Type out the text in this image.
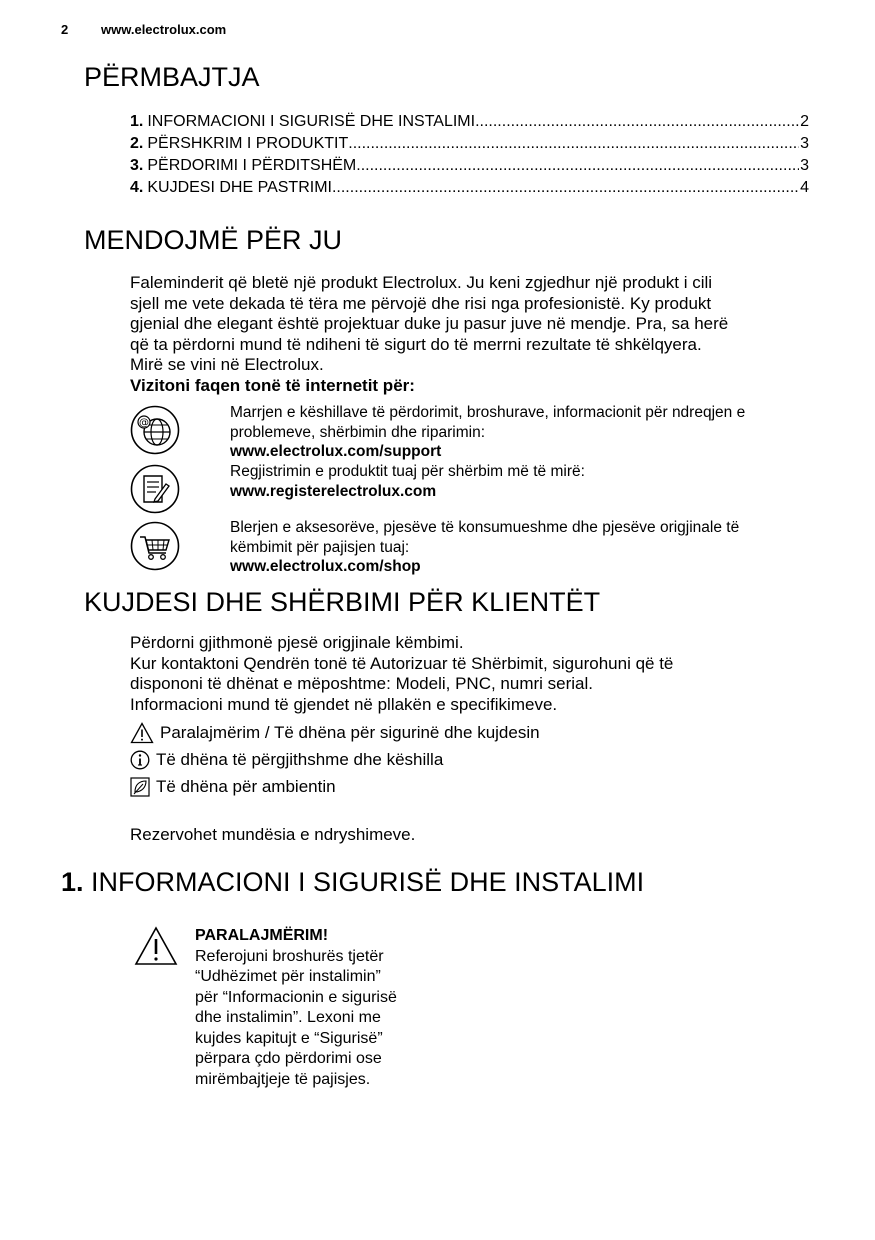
2	www.electrolux.com
PËRMBAJTJA
1. INFORMACIONI I SIGURISË DHE INSTALIMI .....	2
2. PËRSHKRIM I PRODUKTIT .....	3
3. PËRDORIMI I PËRDITSHËM .....	3
4. KUJDESI DHE PASTRIMI .....	4
MENDOJMË PËR JU

Faleminderit që bletë një produkt Electrolux. Ju keni zgjedhur një produkt i cili

sjell me vete dekada të tëra me përvojë dhe risi nga profesionistë. Ky produkt

gjenial dhe elegant është projektuar duke ju pasur juve në mendje. Pra, sa herë

që ta përdorni mund të ndiheni të sigurt do të merrni rezultate të shkëlqyera.

Mirë se vini në Electrolux.

Vizitoni faqen tonë të internetit për:

@

Marrjen e këshillave të përdorimit, broshurave, informacionit për ndreqjen e

problemeve, shërbimin dhe riparimin:

www.electrolux.com/support

Regjistrimin e produktit tuaj për shërbim më të mirë:

www.registerelectrolux.com

Blerjen e aksesorëve, pjesëve të konsumueshme dhe pjesëve origjinale të

këmbimit për pajisjen tuaj:

www.electrolux.com/shop

KUJDESI DHE SHËRBIMI PËR KLIENTËT

Përdorni gjithmonë pjesë origjinale këmbimi.

Kur kontaktoni Qendrën tonë të Autorizuar të Shërbimit, sigurohuni që të

dispononi të dhënat e mëposhtme: Modeli, PNC, numri serial.

Informacioni mund të gjendet në pllakën e specifikimeve.

Paralajmërim / Të dhëna për sigurinë dhe kujdesin
Të dhëna të përgjithshme dhe këshilla
Të dhëna për ambientin
Rezervohet mundësia e ndryshimeve.
1. INFORMACIONI I SIGURISË DHE INSTALIMI

PARALAJMËRIM!

Referojuni broshurës tjetër

“Udhëzimet për instalimin”

për “Informacionin e sigurisë

dhe instalimin”. Lexoni me

kujdes kapitujt e “Sigurisë”

përpara çdo përdorimi ose

mirëmbajtjeje të pajisjes.
